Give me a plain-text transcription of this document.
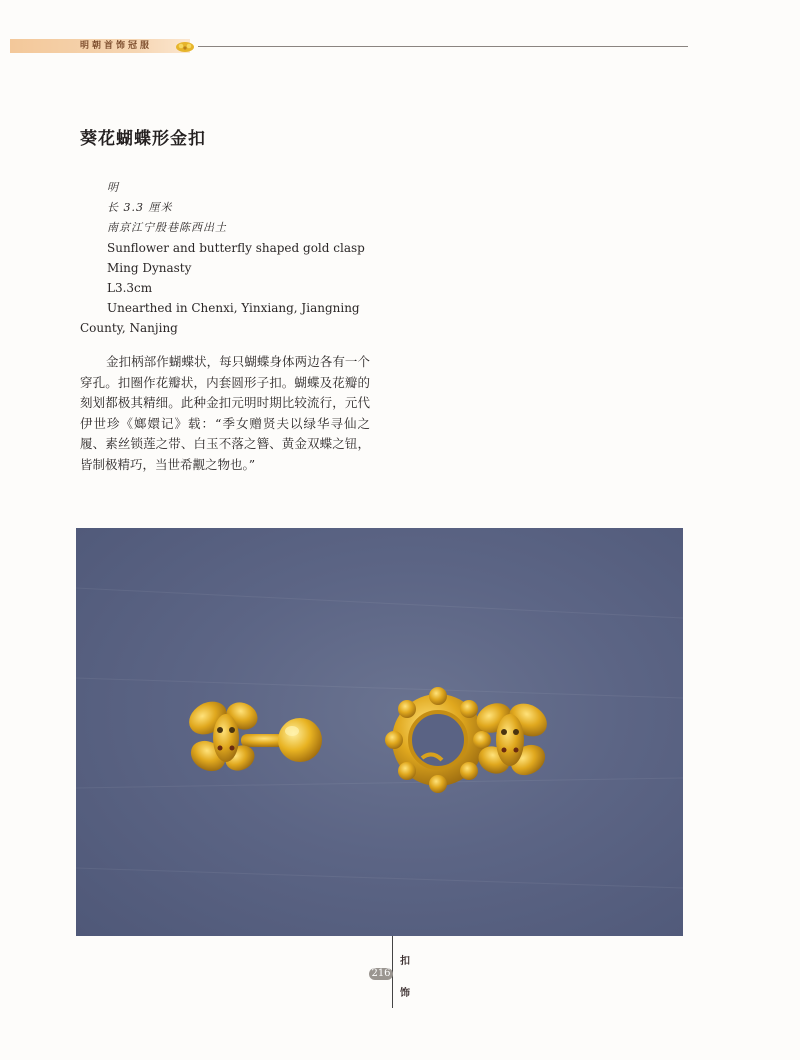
明朝首饰冠服
葵花蝴蝶形金扣
明
长 3.3 厘米
南京江宁殷巷陈西出土
Sunflower and butterfly shaped gold clasp
Ming Dynasty
L3.3cm
Unearthed in Chenxi, Yinxiang, Jiangning County, Nanjing

金扣柄部作蝴蝶状，每只蝴蝶身体两边各有一个穿孔。扣圈作花瓣状，内套圆形子扣。蝴蝶及花瓣的刻划都极其精细。此种金扣元明时期比较流行，元代伊世珍《嫏嬛记》载：“季女赠贤夫以绿华寻仙之履、素丝锁莲之带、白玉不落之簪、黄金双蝶之钮，皆制极精巧，当世希觏之物也。”

216
扣
饰
